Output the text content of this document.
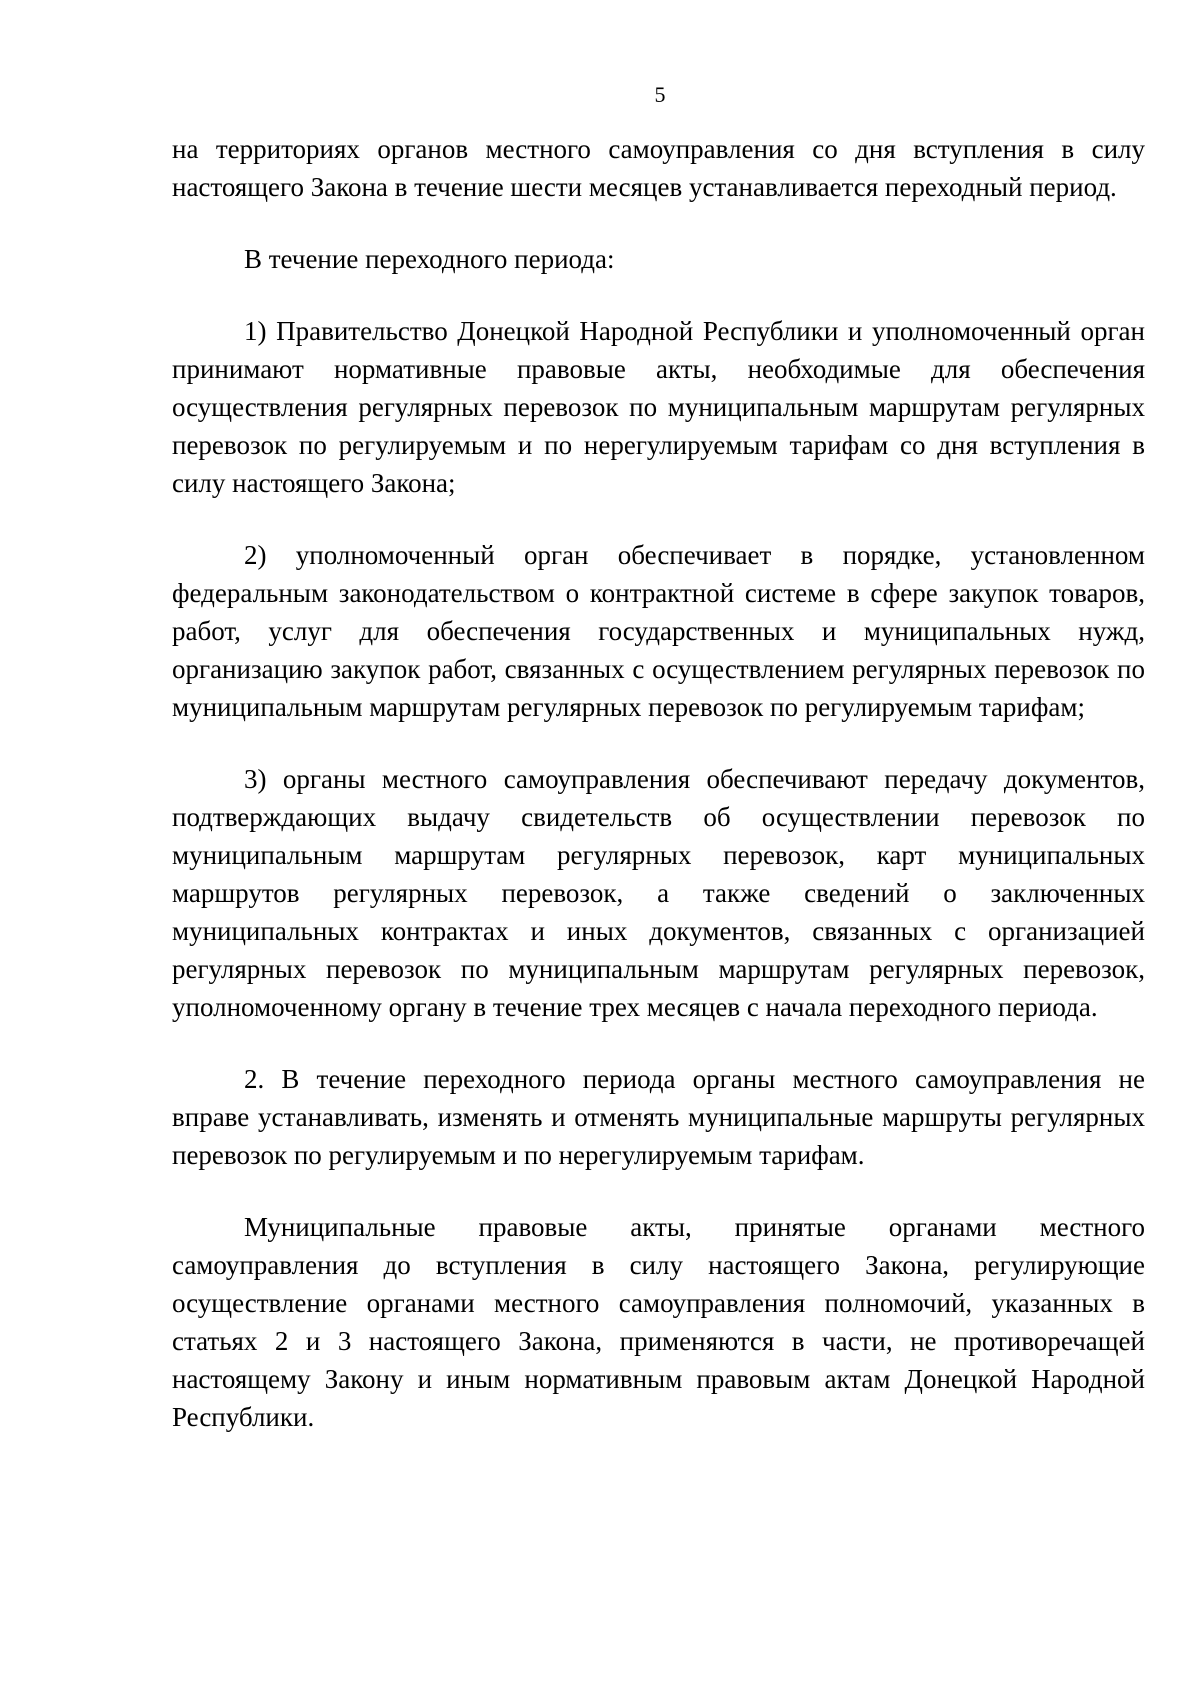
5

на территориях органов местного самоуправления со дня вступления в силу настоящего Закона в течение шести месяцев устанавливается переходный период.

В течение переходного периода:

1) Правительство Донецкой Народной Республики и уполномоченный орган принимают нормативные правовые акты, необходимые для обеспечения осуществления регулярных перевозок по муниципальным маршрутам регулярных перевозок по регулируемым и по нерегулируемым тарифам со дня вступления в силу настоящего Закона;

2) уполномоченный орган обеспечивает в порядке, установленном федеральным законодательством о контрактной системе в сфере закупок товаров, работ, услуг для обеспечения государственных и муниципальных нужд, организацию закупок работ, связанных с осуществлением регулярных перевозок по муниципальным маршрутам регулярных перевозок по регулируемым тарифам;

3) органы местного самоуправления обеспечивают передачу документов, подтверждающих выдачу свидетельств об осуществлении перевозок по муниципальным маршрутам регулярных перевозок, карт муниципальных маршрутов регулярных перевозок, а также сведений о заключенных муниципальных контрактах и иных документов, связанных с организацией регулярных перевозок по муниципальным маршрутам регулярных перевозок, уполномоченному органу в течение трех месяцев с начала переходного периода.

2. В течение переходного периода органы местного самоуправления не вправе устанавливать, изменять и отменять муниципальные маршруты регулярных перевозок по регулируемым и по нерегулируемым тарифам.

Муниципальные правовые акты, принятые органами местного самоуправления до вступления в силу настоящего Закона, регулирующие осуществление органами местного самоуправления полномочий, указанных в статьях 2 и 3 настоящего Закона, применяются в части, не противоречащей настоящему Закону и иным нормативным правовым актам Донецкой Народной Республики.
